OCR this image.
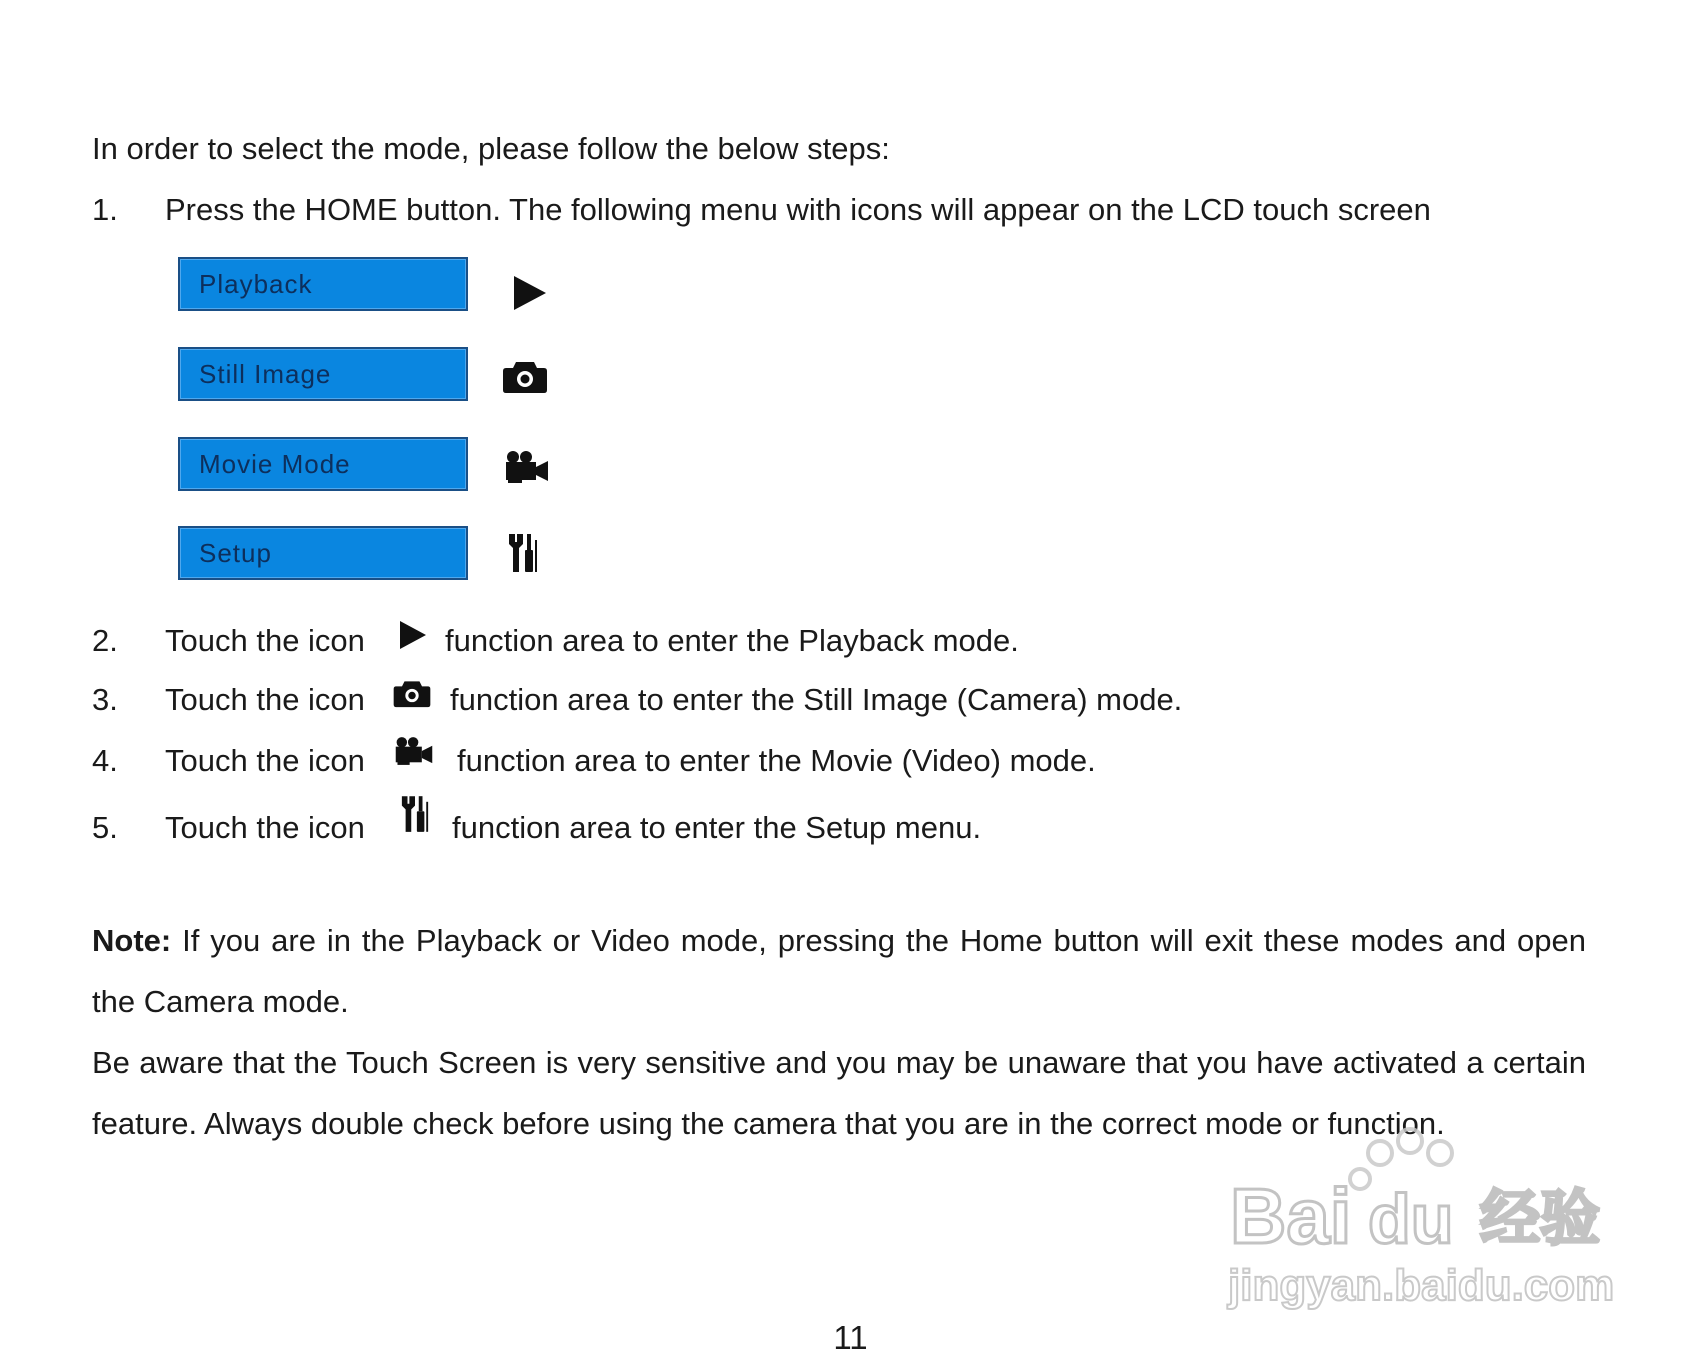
In order to select the mode, please follow the below steps:
1. Press the HOME button. The following menu with icons will appear on the LCD touch screen
Playback
Still Image
Movie Mode
Setup
2. Touch the icon	function area to enter the Playback mode.
3. Touch the icon	function area to enter the Still Image (Camera) mode.
4. Touch the icon	function area to enter the Movie (Video) mode.
5. Touch the icon	function area to enter the Setup menu.
Note: If you are in the Playback or Video mode, pressing the Home button will exit these modes and open the Camera mode.
Be aware that the Touch Screen is very sensitive and you may be unaware that you have activated a certain feature. Always double check before using the camera that you are in the correct mode or function.
Bai du 经验
jingyan.baidu.com
11
